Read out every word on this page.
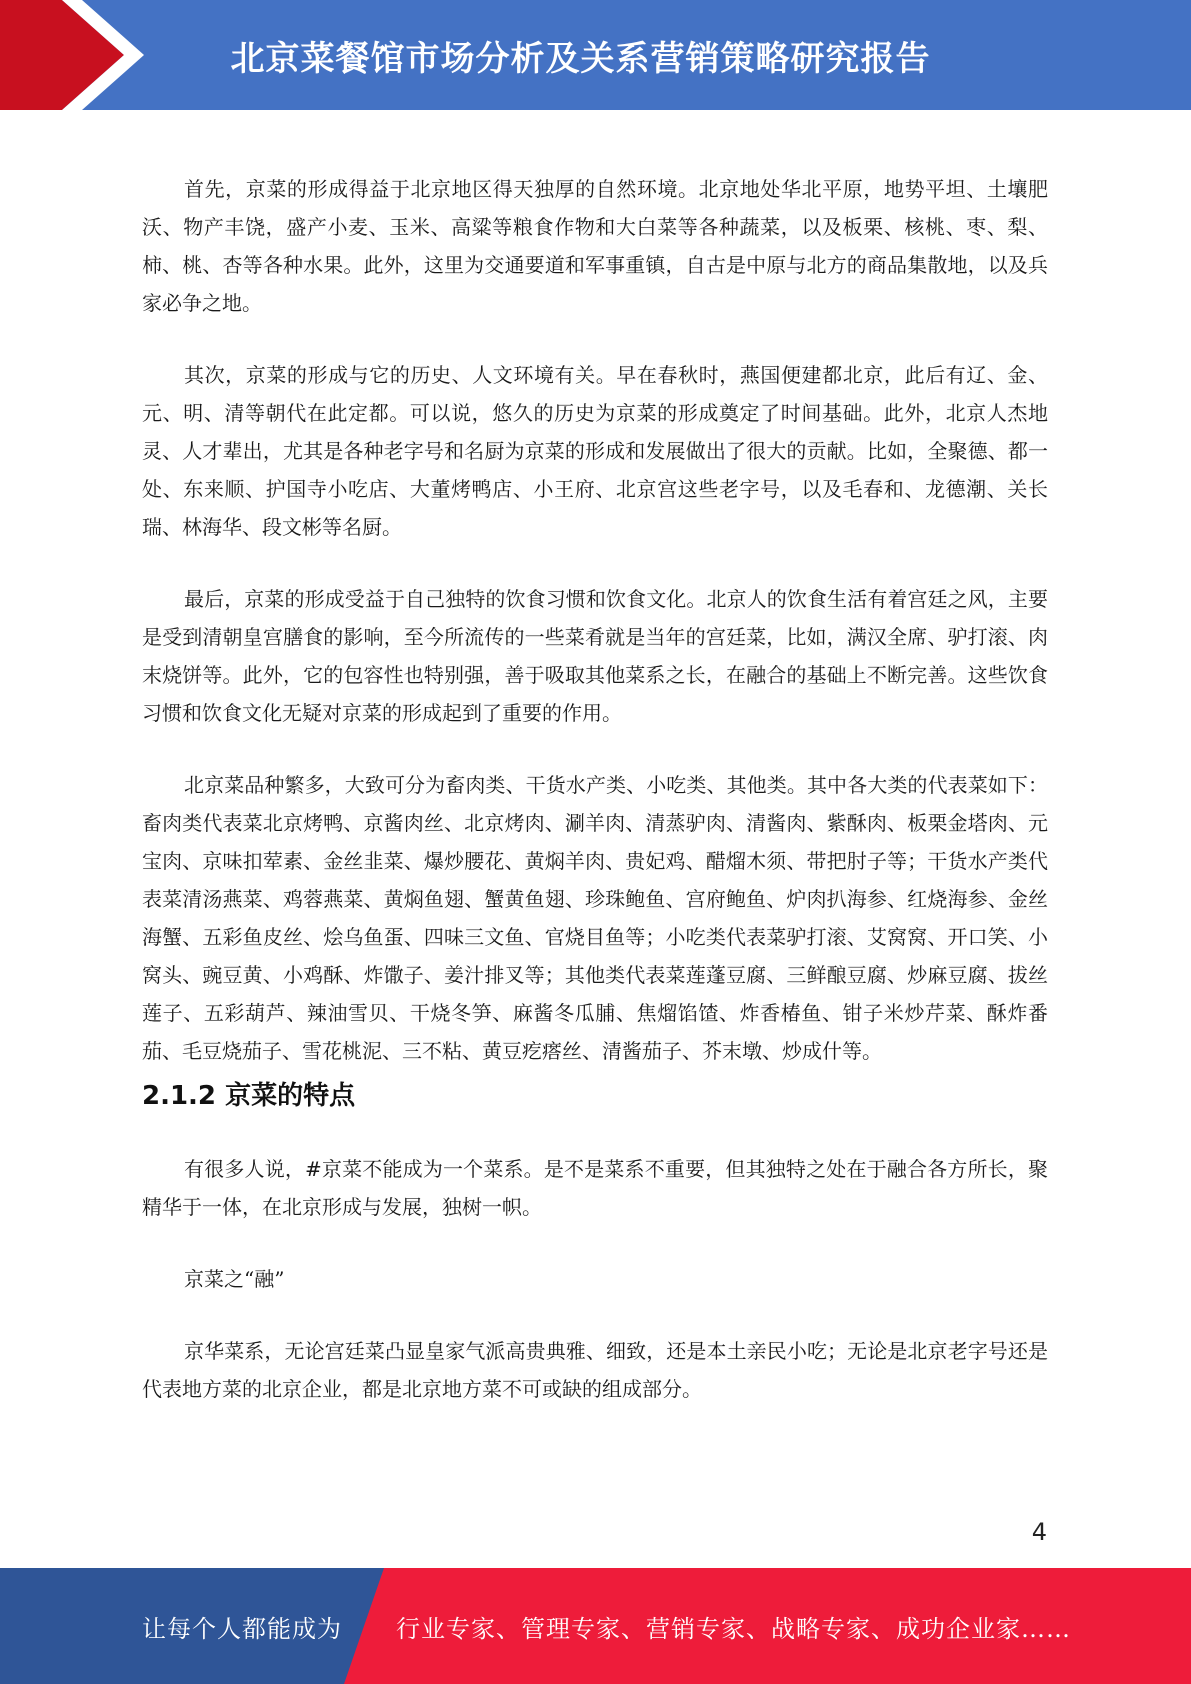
北京菜餐馆市场分析及关系营销策略研究报告

首先，京菜的形成得益于北京地区得天独厚的自然环境。北京地处华北平原，地势平坦、土壤肥沃、物产丰饶，盛产小麦、玉米、高粱等粮食作物和大白菜等各种蔬菜，以及板栗、核桃、枣、梨、柿、桃、杏等各种水果。此外，这里为交通要道和军事重镇，自古是中原与北方的商品集散地，以及兵家必争之地。

其次，京菜的形成与它的历史、人文环境有关。早在春秋时，燕国便建都北京，此后有辽、金、元、明、清等朝代在此定都。可以说，悠久的历史为京菜的形成奠定了时间基础。此外，北京人杰地灵、人才辈出，尤其是各种老字号和名厨为京菜的形成和发展做出了很大的贡献。比如，全聚德、都一处、东来顺、护国寺小吃店、大董烤鸭店、小王府、北京宫这些老字号，以及毛春和、龙德潮、关长瑞、林海华、段文彬等名厨。

最后，京菜的形成受益于自己独特的饮食习惯和饮食文化。北京人的饮食生活有着宫廷之风，主要是受到清朝皇宫膳食的影响，至今所流传的一些菜肴就是当年的宫廷菜，比如，满汉全席、驴打滚、肉末烧饼等。此外，它的包容性也特别强，善于吸取其他菜系之长，在融合的基础上不断完善。这些饮食习惯和饮食文化无疑对京菜的形成起到了重要的作用。

北京菜品种繁多，大致可分为畜肉类、干货水产类、小吃类、其他类。其中各大类的代表菜如下：畜肉类代表菜北京烤鸭、京酱肉丝、北京烤肉、涮羊肉、清蒸驴肉、清酱肉、紫酥肉、板栗金塔肉、元宝肉、京味扣荤素、金丝韭菜、爆炒腰花、黄焖羊肉、贵妃鸡、醋熘木须、带把肘子等；干货水产类代表菜清汤燕菜、鸡蓉燕菜、黄焖鱼翅、蟹黄鱼翅、珍珠鲍鱼、宫府鲍鱼、炉肉扒海参、红烧海参、金丝海蟹、五彩鱼皮丝、烩乌鱼蛋、四味三文鱼、官烧目鱼等；小吃类代表菜驴打滚、艾窝窝、开口笑、小窝头、豌豆黄、小鸡酥、炸馓子、姜汁排叉等；其他类代表菜莲蓬豆腐、三鲜酿豆腐、炒麻豆腐、拔丝莲子、五彩葫芦、辣油雪贝、干烧冬笋、麻酱冬瓜脯、焦熘馅馇、炸香椿鱼、钳子米炒芹菜、酥炸番茄、毛豆烧茄子、雪花桃泥、三不粘、黄豆疙瘩丝、清酱茄子、芥末墩、炒成什等。

2.1.2 京菜的特点

有很多人说，#京菜不能成为一个菜系。是不是菜系不重要，但其独特之处在于融合各方所长，聚精华于一体，在北京形成与发展，独树一帜。

京菜之“融”

京华菜系，无论宫廷菜凸显皇家气派高贵典雅、细致，还是本土亲民小吃；无论是北京老字号还是代表地方菜的北京企业，都是北京地方菜不可或缺的组成部分。

4
让每个人都能成为 行业专家、管理专家、营销专家、战略专家、成功企业家……
